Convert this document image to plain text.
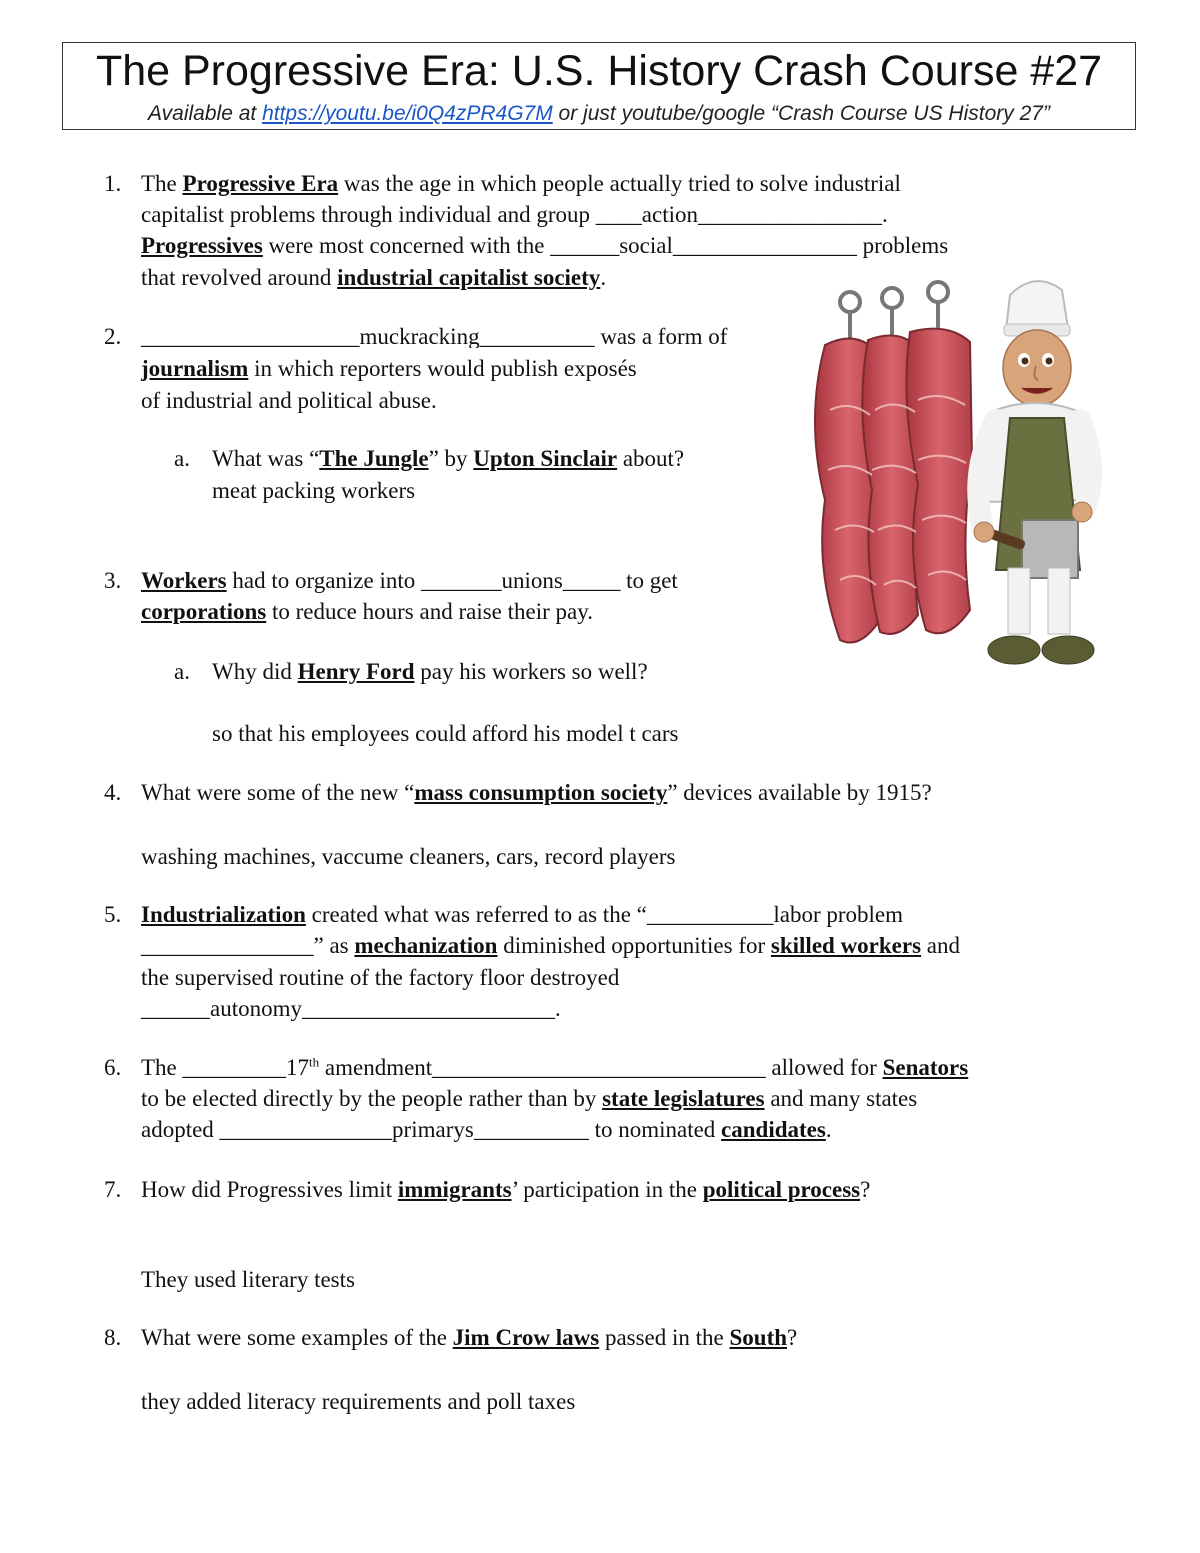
The Progressive Era: U.S. History Crash Course #27
Available at https://youtu.be/i0Q4zPR4G7M or just youtube/google “Crash Course US History 27”
1. The Progressive Era was the age in which people actually tried to solve industrial
capitalist problems through individual and group ____action________________.
Progressives were most concerned with the ______social________________ problems
that revolved around industrial capitalist society.
2. ___________________muckracking__________ was a form of
journalism in which reporters would publish exposés
of industrial and political abuse.
a. What was “The Jungle” by Upton Sinclair about?
meat packing workers
3. Workers had to organize into _______unions_____ to get
corporations to reduce hours and raise their pay.
a. Why did Henry Ford pay his workers so well?
so that his employees could afford his model t cars
4. What were some of the new “mass consumption society” devices available by 1915?
washing machines, vaccume cleaners, cars, record players
5. Industrialization created what was referred to as the “___________labor problem
_______________” as mechanization diminished opportunities for skilled workers and
the supervised routine of the factory floor destroyed
______autonomy______________________.
6. The _________17th amendment_____________________________ allowed for Senators
to be elected directly by the people rather than by state legislatures and many states
adopted _______________primarys__________ to nominated candidates.
7. How did Progressives limit immigrants’ participation in the political process?
They used literary tests
8. What were some examples of the Jim Crow laws passed in the South?
they added literacy requirements and poll taxes
